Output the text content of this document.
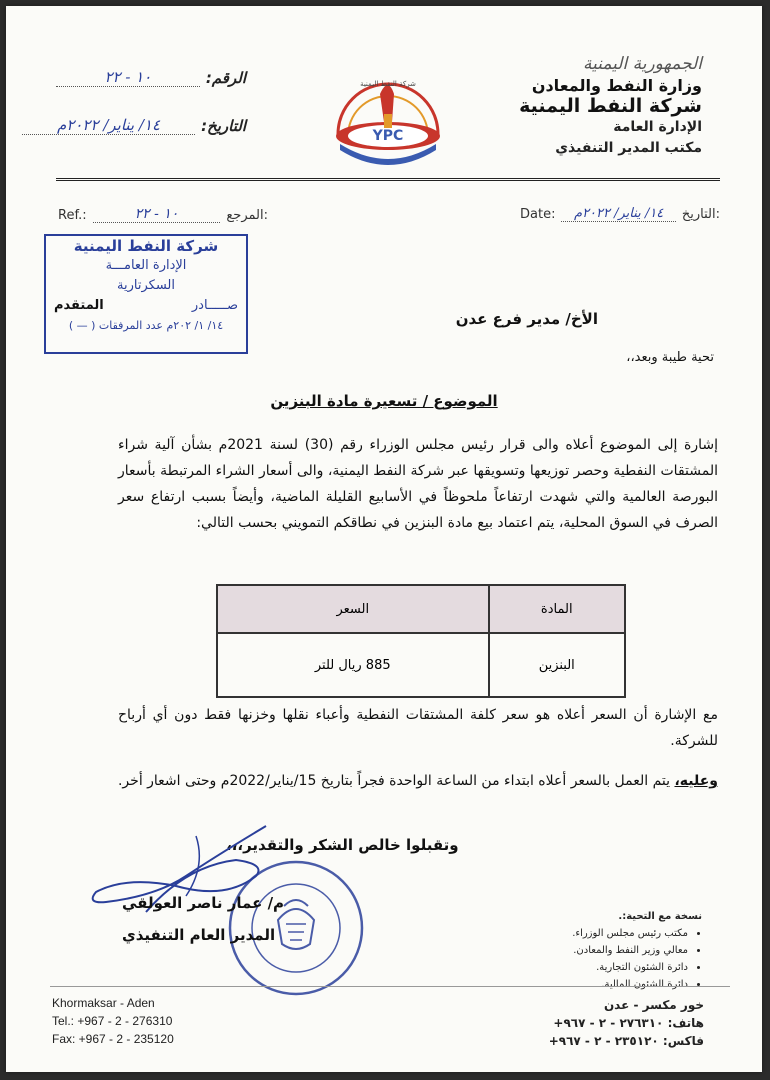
الجمهورية اليمنية
وزارة النفط والمعادن
شركة النفط اليمنية
الإدارة العامة
مكتب المدير التنفيذي
YPC
شركة النفط اليمنية
الرقم:
١٠ - ٢٢
التاريخ:
١٤/ يناير/ ٢٠٢٢م
Ref.:	١٠ - ٢٢	المرجع:	Date:	١٤/ يناير/ ٢٠٢٢م	التاريخ:
شركة النفط اليمنية
الإدارة العامـــة
السكرتارية
صـــــادر
المتقدم
١٤/ ١/ ٢٠٢م عدد المرفقات ( — )	الأخ/ مدير فرع عدن
تحية طيبة وبعد،،
الموضوع / تسعيرة مادة البنزين
إشارة إلى الموضوع أعلاه والى قرار رئيس مجلس الوزراء رقم (30) لسنة 2021م بشأن آلية شراء المشتقات النفطية وحصر توزيعها وتسويقها عبر شركة النفط اليمنية، والى أسعار الشراء المرتبطة بأسعار البورصة العالمية والتي شهدت ارتفاعاً ملحوظاً في الأسابيع القليلة الماضية، وأيضاً بسبب ارتفاع سعر الصرف في السوق المحلية، يتم اعتماد بيع مادة البنزين في نطاقكم التمويني بحسب التالي:
المادة	السعر
البنزين	885 ريال للتر
مع الإشارة أن السعر أعلاه هو سعر كلفة المشتقات النفطية وأعباء نقلها وخزنها فقط دون أي أرباح للشركة.
وعليه، يتم العمل بالسعر أعلاه ابتداء من الساعة الواحدة فجراً بتاريخ 15/يناير/2022م وحتى اشعار أخر.
وتقبلوا خالص الشكر والتقدير،،،
م/ عمار ناصر العولقي
المدير العام التنفيذي
نسخة مع التحية:.
• مكتب رئيس مجلس الوزراء.
• معالي وزير النفط والمعادن.
• دائرة الشئون التجارية.
• دائرة الشئون المالية.
Khormaksar - Aden
Tel.: +967 - 2 - 276310
Fax: +967 - 2 - 235120
خور مكسر - عدن
هاتف: ٢٧٦٣١٠ - ٢ - ٩٦٧+
فاكس: ٢٣٥١٢٠ - ٢ - ٩٦٧+
